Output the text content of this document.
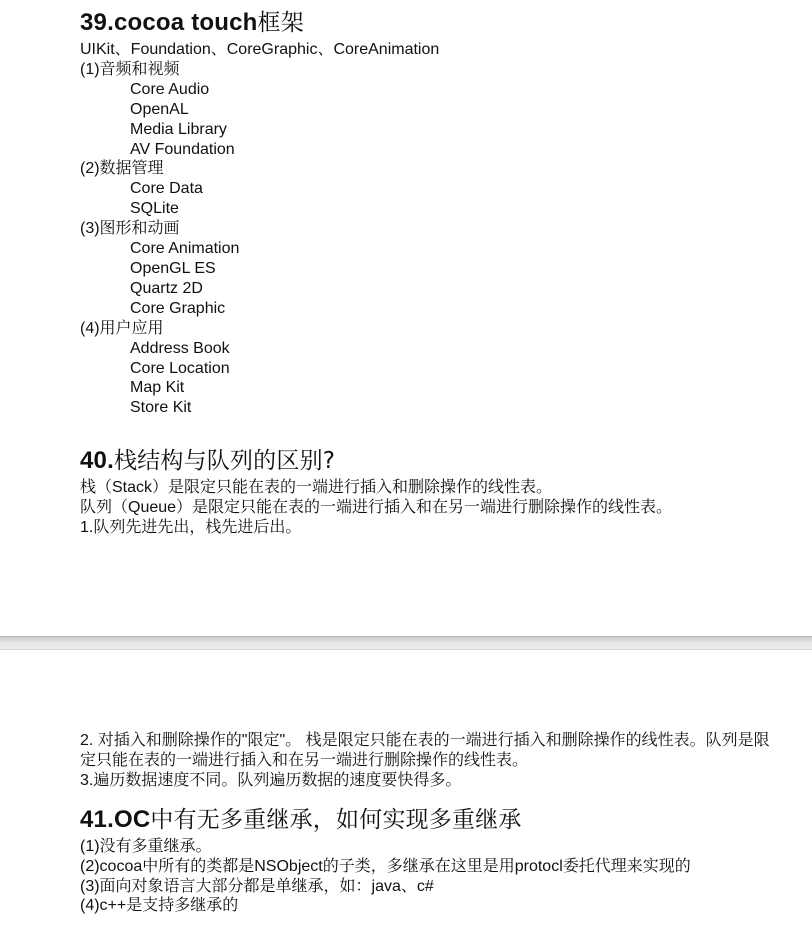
39.cocoa touch框架
UIKit、Foundation、CoreGraphic、CoreAnimation
(1)音频和视频
Core Audio
OpenAL
Media Library
AV Foundation
(2)数据管理
Core Data
SQLite
(3)图形和动画
Core Animation
OpenGL ES
Quartz 2D
Core Graphic
(4)用户应用
Address Book
Core Location
Map Kit
Store Kit
40.栈结构与队列的区别?
栈（Stack）是限定只能在表的一端进行插入和删除操作的线性表。
队列（Queue）是限定只能在表的一端进行插入和在另一端进行删除操作的线性表。
1.队列先进先出，栈先进后出。
2. 对插入和删除操作的"限定"。 栈是限定只能在表的一端进行插入和删除操作的线性表。队列是限定只能在表的一端进行插入和在另一端进行删除操作的线性表。
3.遍历数据速度不同。队列遍历数据的速度要快得多。
41.OC中有无多重继承，如何实现多重继承
(1)没有多重继承。
(2)cocoa中所有的类都是NSObject的子类，多继承在这里是用protocl委托代理来实现的
(3)面向对象语言大部分都是单继承，如：java、c#
(4)c++是支持多继承的
